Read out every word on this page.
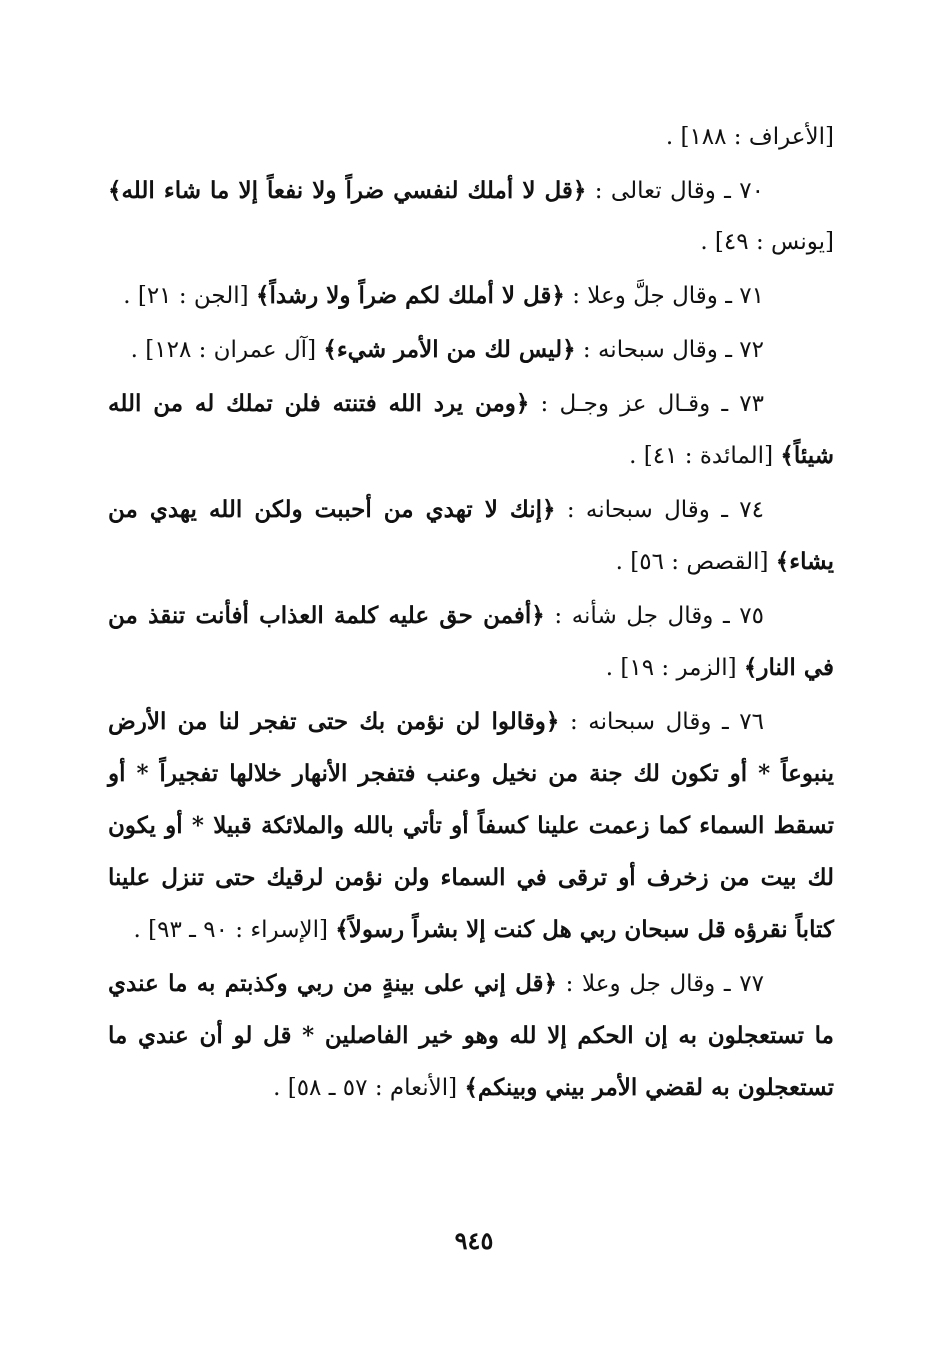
[الأعراف : ١٨٨] .

٧٠ ـ وقال تعالى : ﴿قل لا أملك لنفسي ضراً ولا نفعاً إلا ما شاء الله﴾ [يونس : ٤٩] .

٧١ ـ وقال جلَّ وعلا : ﴿قل لا أملك لكم ضراً ولا رشداً﴾ [الجن : ٢١] .

٧٢ ـ وقال سبحانه : ﴿ليس لك من الأمر شيء﴾ [آل عمران : ١٢٨] .

٧٣ ـ وقـال عز وجـل : ﴿ومن يرد الله فتنته فلن تملك له من الله شيئاً﴾ [المائدة : ٤١] .

٧٤ ـ وقال سبحانه : ﴿إنك لا تهدي من أحببت ولكن الله يهدي من يشاء﴾ [القصص : ٥٦] .

٧٥ ـ وقال جل شأنه : ﴿أفمن حق عليه كلمة العذاب أفأنت تنقذ من في النار﴾ [الزمر : ١٩] .

٧٦ ـ وقال سبحانه : ﴿وقالوا لن نؤمن بك حتى تفجر لنا من الأرض ينبوعاً * أو تكون لك جنة من نخيل وعنب فتفجر الأنهار خلالها تفجيراً * أو تسقط السماء كما زعمت علينا كسفاً أو تأتي بالله والملائكة قبيلا * أو يكون لك بيت من زخرف أو ترقى في السماء ولن نؤمن لرقيك حتى تنزل علينا كتاباً نقرؤه قل سبحان ربي هل كنت إلا بشراً رسولاً﴾ [الإسراء : ٩٠ ـ ٩٣] .

٧٧ ـ وقال جل وعلا : ﴿قل إني على بينةٍ من ربي وكذبتم به ما عندي ما تستعجلون به إن الحكم إلا لله وهو خير الفاصلين * قل لو أن عندي ما تستعجلون به لقضي الأمر بيني وبينكم﴾ [الأنعام : ٥٧ ـ ٥٨] .

٩٤٥
